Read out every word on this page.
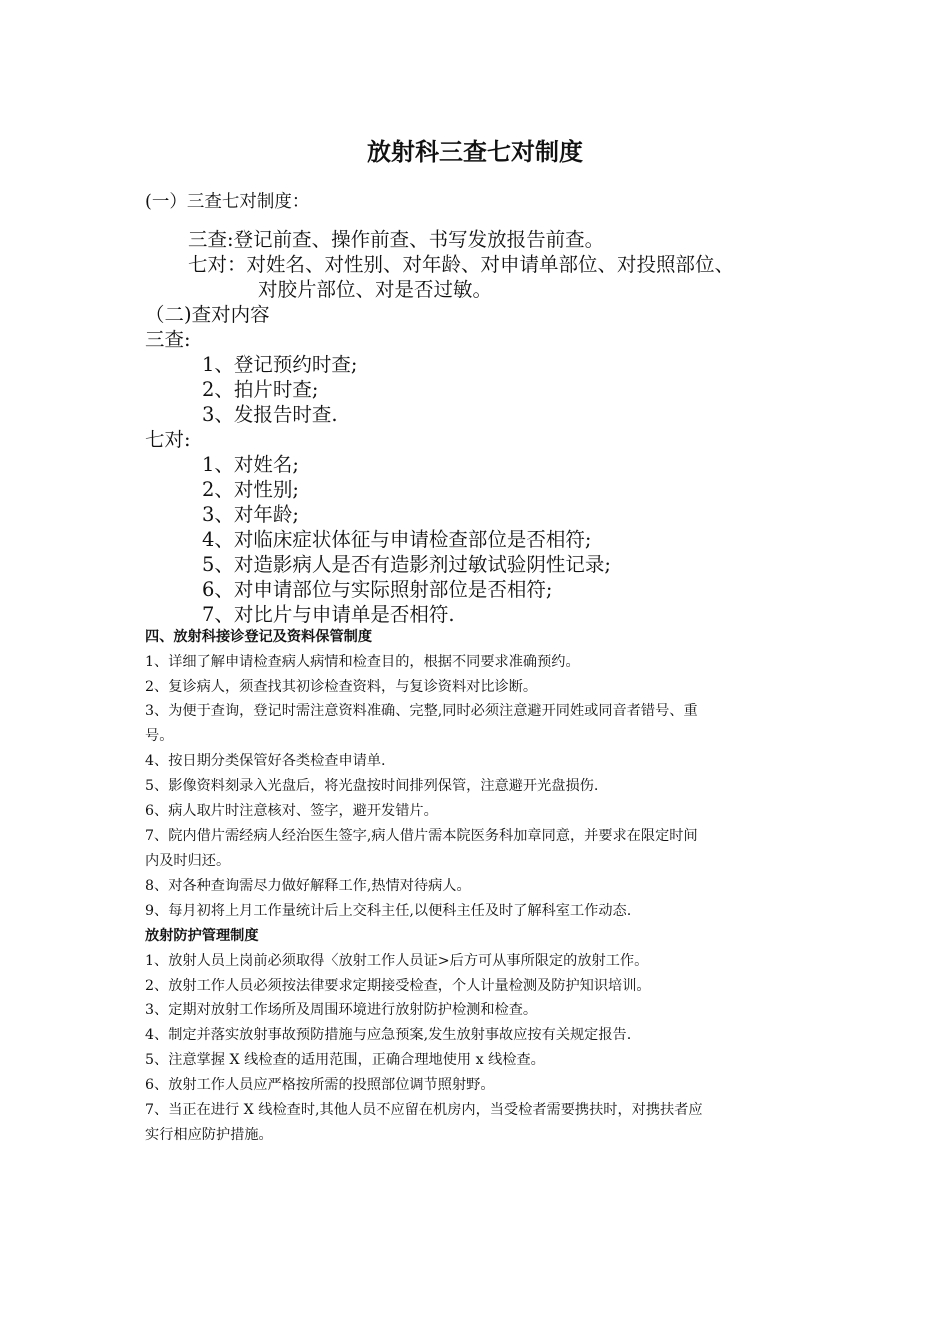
放射科三查七对制度
(一）三查七对制度：
三查:登记前查、操作前查、书写发放报告前查。
七对：对姓名、对性别、对年龄、对申请单部位、对投照部位、
对胶片部位、对是否过敏。
（二)查对内容
三查:
1、登记预约时查;
2、拍片时查;
3、发报告时查.
七对:
1、对姓名;
2、对性别;
3、对年龄;
4、对临床症状体征与申请检查部位是否相符;
5、对造影病人是否有造影剂过敏试验阴性记录;
6、对申请部位与实际照射部位是否相符;
7、对比片与申请单是否相符.
四、放射科接诊登记及资料保管制度
1、详细了解申请检查病人病情和检查目的，根据不同要求准确预约。
2、复诊病人，须查找其初诊检查资料，与复诊资料对比诊断。
3、为便于查询，登记时需注意资料准确、完整,同时必须注意避开同姓或同音者错号、重
号。
4、按日期分类保管好各类检查申请单.
5、影像资料刻录入光盘后，将光盘按时间排列保管，注意避开光盘损伤.
6、病人取片时注意核对、签字，避开发错片。
7、院内借片需经病人经治医生签字,病人借片需本院医务科加章同意，并要求在限定时间
内及时归还。
8、对各种查询需尽力做好解释工作,热情对待病人。
9、每月初将上月工作量统计后上交科主任,以便科主任及时了解科室工作动态.
放射防护管理制度
1、放射人员上岗前必须取得〈放射工作人员证>后方可从事所限定的放射工作。
2、放射工作人员必须按法律要求定期接受检查，个人计量检测及防护知识培训。
3、定期对放射工作场所及周围环境进行放射防护检测和检查。
4、制定并落实放射事故预防措施与应急预案,发生放射事故应按有关规定报告.
5、注意掌握 X 线检查的适用范围，正确合理地使用 x 线检查。
6、放射工作人员应严格按所需的投照部位调节照射野。
7、当正在进行 X 线检查时,其他人员不应留在机房内，当受检者需要携扶时，对携扶者应
实行相应防护措施。
